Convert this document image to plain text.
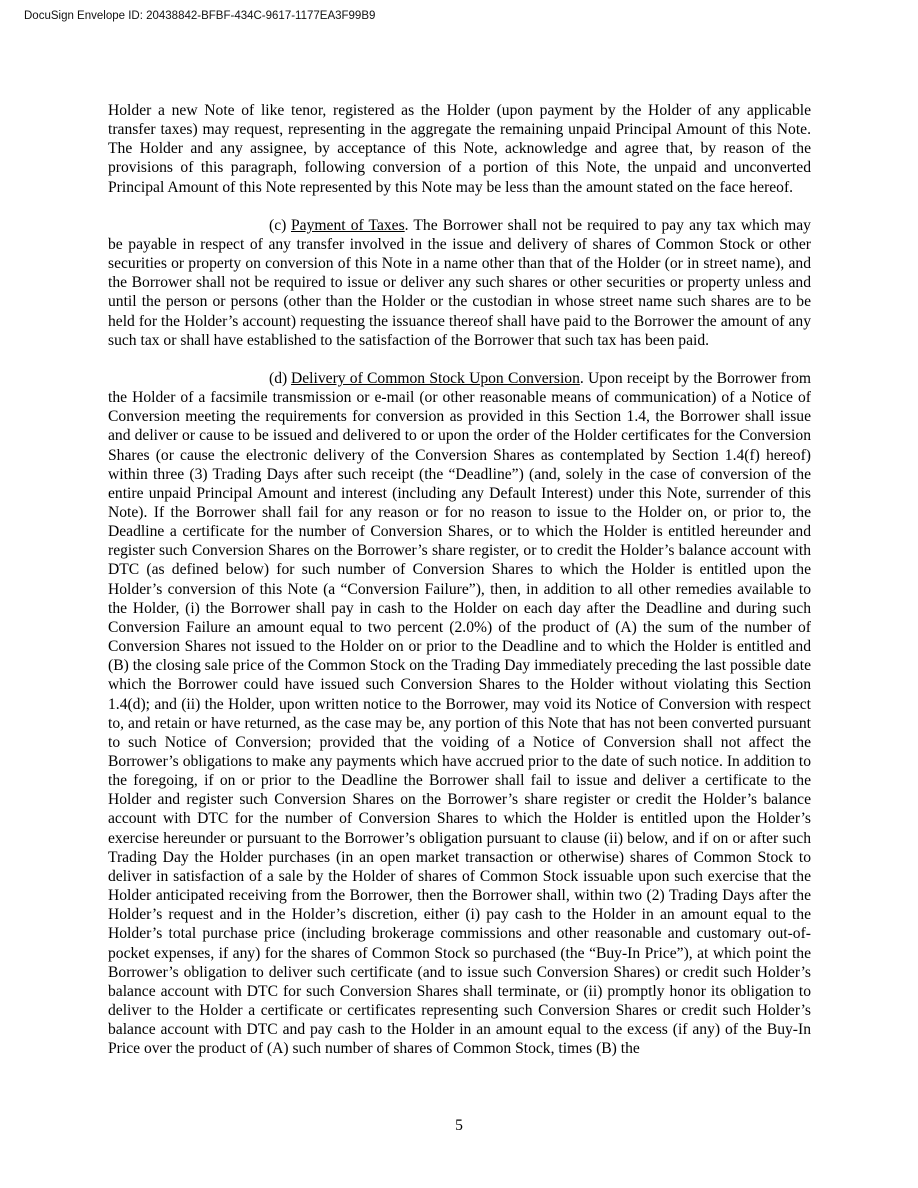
DocuSign Envelope ID: 20438842-BFBF-434C-9617-1177EA3F99B9

Holder a new Note of like tenor, registered as the Holder (upon payment by the Holder of any applicable transfer taxes) may request, representing in the aggregate the remaining unpaid Principal Amount of this Note. The Holder and any assignee, by acceptance of this Note, acknowledge and agree that, by reason of the provisions of this paragraph, following conversion of a portion of this Note, the unpaid and unconverted Principal Amount of this Note represented by this Note may be less than the amount stated on the face hereof.

(c) Payment of Taxes. The Borrower shall not be required to pay any tax which may be payable in respect of any transfer involved in the issue and delivery of shares of Common Stock or other securities or property on conversion of this Note in a name other than that of the Holder (or in street name), and the Borrower shall not be required to issue or deliver any such shares or other securities or property unless and until the person or persons (other than the Holder or the custodian in whose street name such shares are to be held for the Holder’s account) requesting the issuance thereof shall have paid to the Borrower the amount of any such tax or shall have established to the satisfaction of the Borrower that such tax has been paid.

(d) Delivery of Common Stock Upon Conversion. Upon receipt by the Borrower from the Holder of a facsimile transmission or e-mail (or other reasonable means of communication) of a Notice of Conversion meeting the requirements for conversion as provided in this Section 1.4, the Borrower shall issue and deliver or cause to be issued and delivered to or upon the order of the Holder certificates for the Conversion Shares (or cause the electronic delivery of the Conversion Shares as contemplated by Section 1.4(f) hereof) within three (3) Trading Days after such receipt (the “Deadline”) (and, solely in the case of conversion of the entire unpaid Principal Amount and interest (including any Default Interest) under this Note, surrender of this Note). If the Borrower shall fail for any reason or for no reason to issue to the Holder on, or prior to, the Deadline a certificate for the number of Conversion Shares, or to which the Holder is entitled hereunder and register such Conversion Shares on the Borrower’s share register, or to credit the Holder’s balance account with DTC (as defined below) for such number of Conversion Shares to which the Holder is entitled upon the Holder’s conversion of this Note (a “Conversion Failure”), then, in addition to all other remedies available to the Holder, (i) the Borrower shall pay in cash to the Holder on each day after the Deadline and during such Conversion Failure an amount equal to two percent (2.0%) of the product of (A) the sum of the number of Conversion Shares not issued to the Holder on or prior to the Deadline and to which the Holder is entitled and (B) the closing sale price of the Common Stock on the Trading Day immediately preceding the last possible date which the Borrower could have issued such Conversion Shares to the Holder without violating this Section 1.4(d); and (ii) the Holder, upon written notice to the Borrower, may void its Notice of Conversion with respect to, and retain or have returned, as the case may be, any portion of this Note that has not been converted pursuant to such Notice of Conversion; provided that the voiding of a Notice of Conversion shall not affect the Borrower’s obligations to make any payments which have accrued prior to the date of such notice. In addition to the foregoing, if on or prior to the Deadline the Borrower shall fail to issue and deliver a certificate to the Holder and register such Conversion Shares on the Borrower’s share register or credit the Holder’s balance account with DTC for the number of Conversion Shares to which the Holder is entitled upon the Holder’s exercise hereunder or pursuant to the Borrower’s obligation pursuant to clause (ii) below, and if on or after such Trading Day the Holder purchases (in an open market transaction or otherwise) shares of Common Stock to deliver in satisfaction of a sale by the Holder of shares of Common Stock issuable upon such exercise that the Holder anticipated receiving from the Borrower, then the Borrower shall, within two (2) Trading Days after the Holder’s request and in the Holder’s discretion, either (i) pay cash to the Holder in an amount equal to the Holder’s total purchase price (including brokerage commissions and other reasonable and customary out-of-pocket expenses, if any) for the shares of Common Stock so purchased (the “Buy-In Price”), at which point the Borrower’s obligation to deliver such certificate (and to issue such Conversion Shares) or credit such Holder’s balance account with DTC for such Conversion Shares shall terminate, or (ii) promptly honor its obligation to deliver to the Holder a certificate or certificates representing such Conversion Shares or credit such Holder’s balance account with DTC and pay cash to the Holder in an amount equal to the excess (if any) of the Buy-In Price over the product of (A) such number of shares of Common Stock, times (B) the

5
